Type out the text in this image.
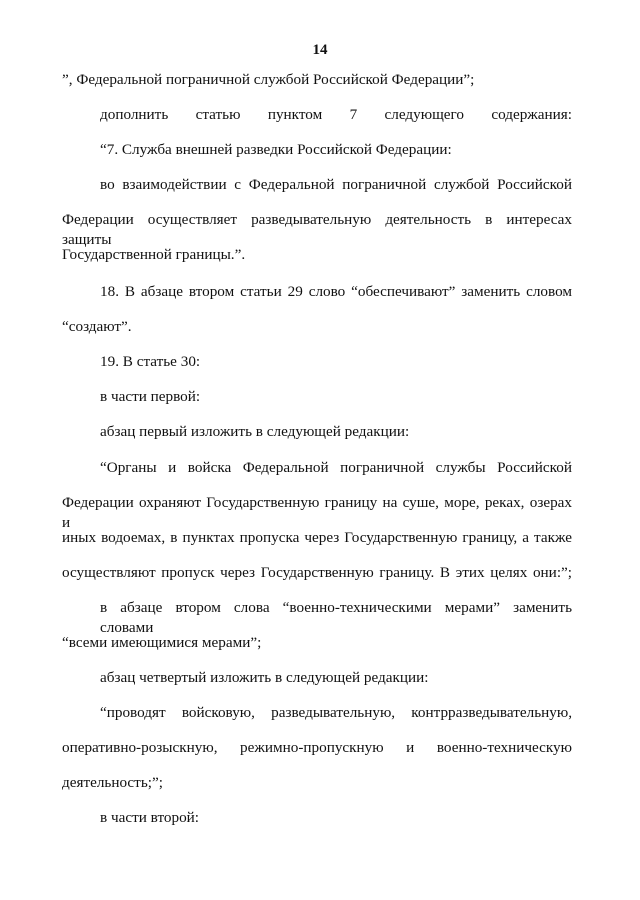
14
”, Федеральной пограничной службой Российской Федерации”;
дополнить статью пунктом 7 следующего содержания:
“7. Служба внешней разведки Российской Федерации:
во взаимодействии с Федеральной пограничной службой Российской
Федерации осуществляет разведывательную деятельность в интересах защиты
Государственной границы.”.
18. В абзаце втором статьи 29 слово “обеспечивают” заменить словом
“создают”.
19. В статье 30:
в части первой:
абзац первый изложить в следующей редакции:
“Органы и войска Федеральной пограничной службы Российской
Федерации охраняют Государственную границу на суше, море, реках, озерах и
иных водоемах, в пунктах пропуска через Государственную границу, а также
осуществляют пропуск через Государственную границу. В этих целях они:”;
в абзаце втором слова “военно-техническими мерами” заменить словами
“всеми имеющимися мерами”;
абзац четвертый изложить в следующей редакции:
“проводят войсковую, разведывательную, контрразведывательную,
оперативно-розыскную, режимно-пропускную и военно-техническую
деятельность;”;
в части второй:
